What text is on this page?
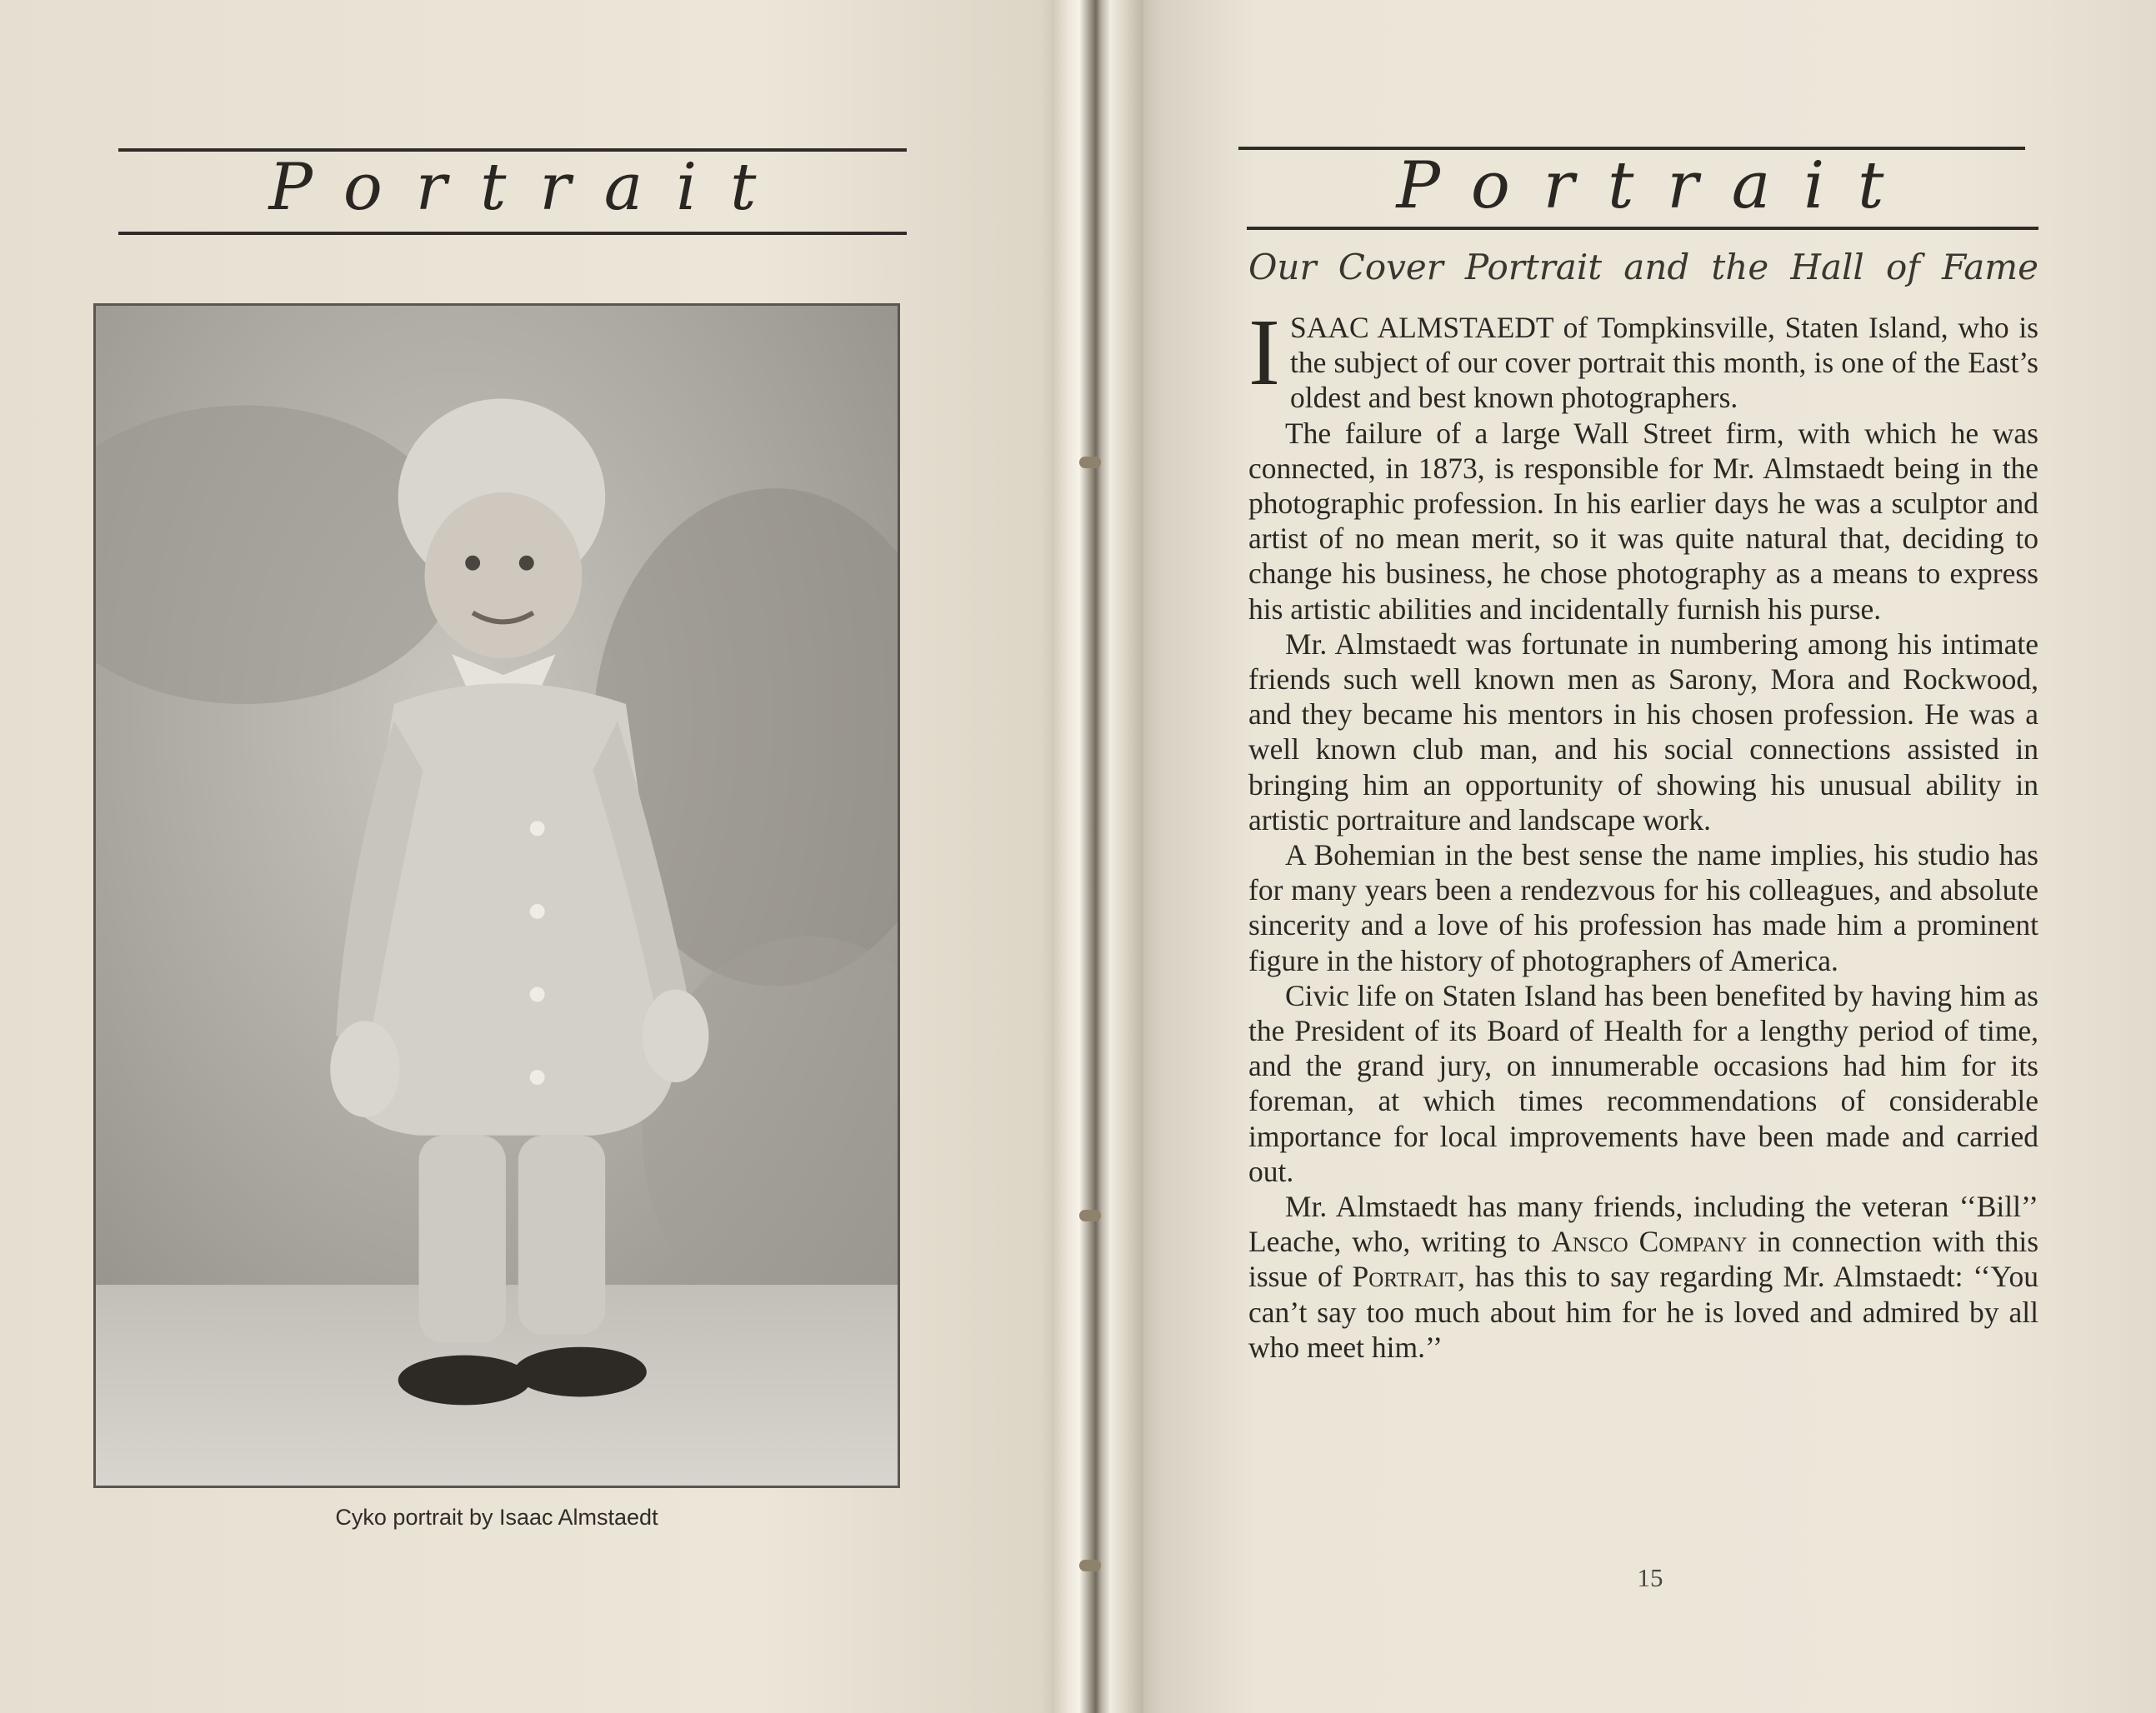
Portrait
Cyko portrait by Isaac Almstaedt
Portrait
Our Cover Portrait and the Hall of Fame

ISAAC ALMSTAEDT of Tompkinsville, Staten Island, who is the subject of our cover portrait this month, is one of the East’s oldest and best known photographers.

The failure of a large Wall Street firm, with which he was connected, in 1873, is responsible for Mr. Almstaedt being in the photographic profession. In his earlier days he was a sculptor and artist of no mean merit, so it was quite natural that, deciding to change his business, he chose photography as a means to express his artistic abilities and incidentally furnish his purse.

Mr. Almstaedt was fortunate in numbering among his intimate friends such well known men as Sarony, Mora and Rockwood, and they became his mentors in his chosen profession. He was a well known club man, and his social connections assisted in bringing him an opportunity of showing his unusual ability in artistic portraiture and landscape work.

A Bohemian in the best sense the name implies, his studio has for many years been a rendezvous for his colleagues, and absolute sincerity and a love of his profession has made him a prominent figure in the history of photographers of America.

Civic life on Staten Island has been benefited by having him as the President of its Board of Health for a lengthy period of time, and the grand jury, on innumerable occasions had him for its foreman, at which times recommendations of considerable importance for local improvements have been made and carried out.

Mr. Almstaedt has many friends, including the veteran ‘‘Bill’’ Leache, who, writing to Ansco Company in connection with this issue of Portrait, has this to say regarding Mr. Almstaedt: ‘‘You can’t say too much about him for he is loved and admired by all who meet him.’’

15
